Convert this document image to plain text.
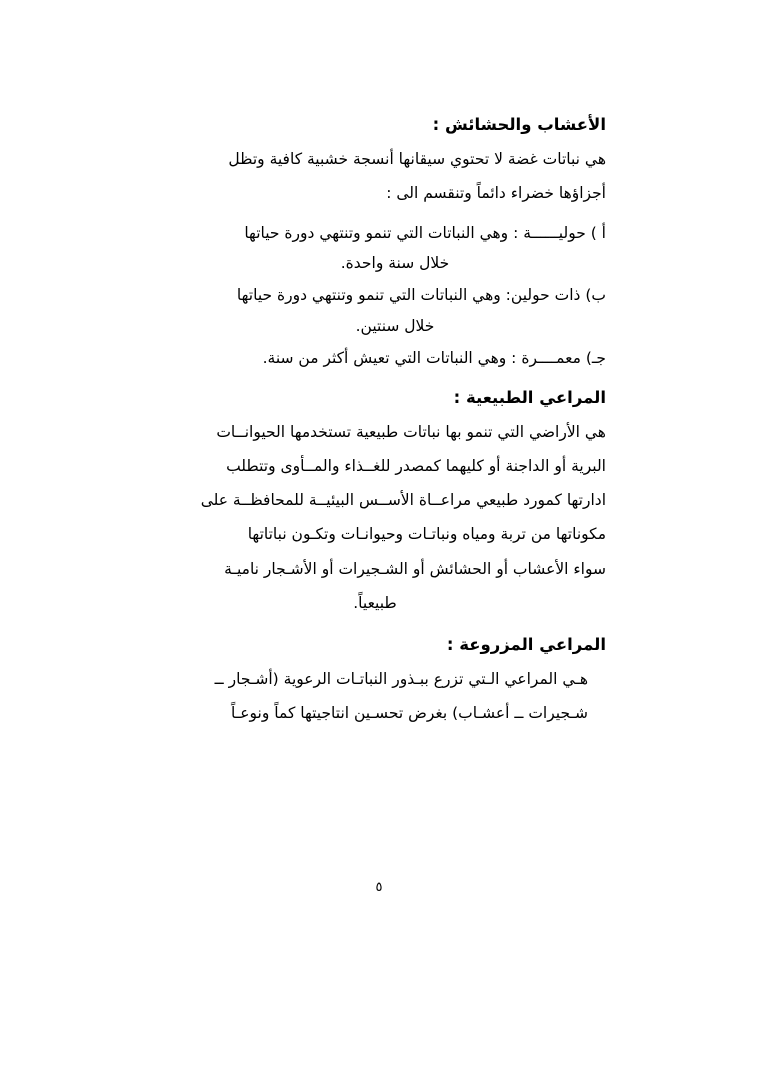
الأعشاب والحشائش :

هي نباتات غضة لا تحتوي سيقانها أنسجة خشبية كافية وتظل

أجزاؤها خضراء دائماً وتنقسم الى :

أ ) حوليــــــة : وهي النباتات التي تنمو وتنتهي دورة حياتها
خلال سنة واحدة.
ب) ذات حولين: وهي النباتات التي تنمو وتنتهي دورة حياتها
خلال سنتين.
جـ) معمــــرة : وهي النباتات التي تعيش أكثر من سنة.

المراعي الطبيعية :

هي الأراضي التي تنمو بها نباتات طبيعية تستخدمها الحيوانــات

البرية أو الداجنة أو كليهما كمصدر للغــذاء والمــأوى وتتطلب

ادارتها كمورد طبيعي مراعــاة الأســس البيئيــة للمحافظــة على

مكوناتها من تربة ومياه ونباتـات وحيوانـات وتكـون نباتاتها

سواء الأعشاب أو الحشائش أو الشـجيرات أو الأشـجار ناميـة

طبيعياً.

المراعي المزروعة :

هـي المراعي الـتي تزرع ببـذور النباتـات الرعوية (أشـجار ــ

شـجيرات ــ أعشـاب) بغرض تحسـين انتاجيتها كماً ونوعـاً

٥
